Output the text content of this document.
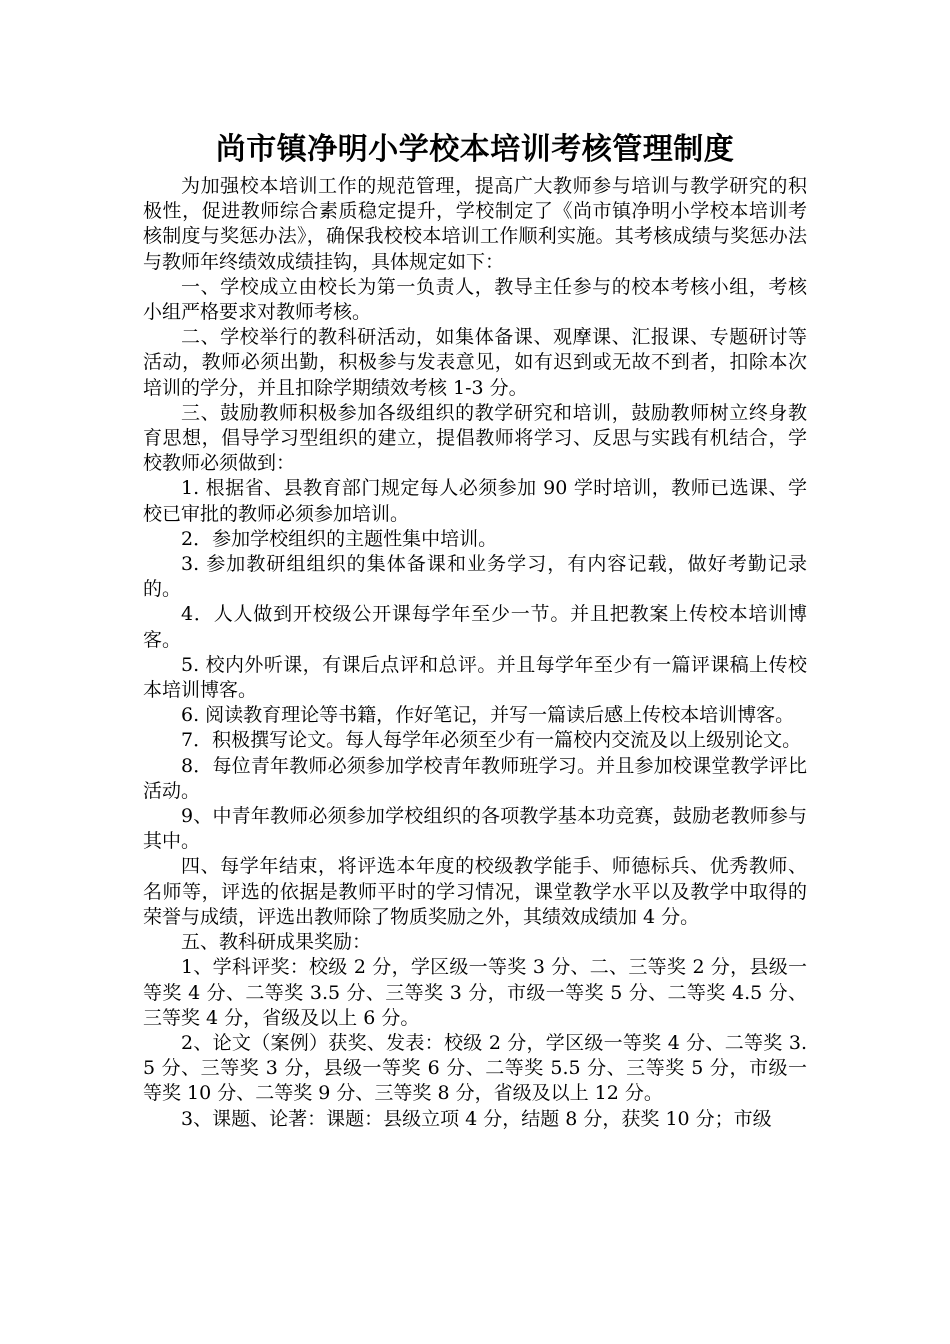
尚市镇净明小学校本培训考核管理制度

为加强校本培训工作的规范管理，提高广大教师参与培训与教学研究的积极性，促进教师综合素质稳定提升，学校制定了《尚市镇净明小学校本培训考核制度与奖惩办法》，确保我校校本培训工作顺利实施。其考核成绩与奖惩办法与教师年终绩效成绩挂钩，具体规定如下：

一、学校成立由校长为第一负责人，教导主任参与的校本考核小组，考核小组严格要求对教师考核。

二、学校举行的教科研活动，如集体备课、观摩课、汇报课、专题研讨等活动，教师必须出勤，积极参与发表意见，如有迟到或无故不到者，扣除本次培训的学分，并且扣除学期绩效考核 1-3 分。

三、鼓励教师积极参加各级组织的教学研究和培训，鼓励教师树立终身教育思想，倡导学习型组织的建立，提倡教师将学习、反思与实践有机结合，学校教师必须做到：

1. 根据省、县教育部门规定每人必须参加 90 学时培训，教师已选课、学校已审批的教师必须参加培训。

2．参加学校组织的主题性集中培训。

3. 参加教研组组织的集体备课和业务学习，有内容记载，做好考勤记录的。

4．人人做到开校级公开课每学年至少一节。并且把教案上传校本培训博客。

5. 校内外听课，有课后点评和总评。并且每学年至少有一篇评课稿上传校本培训博客。

6. 阅读教育理论等书籍，作好笔记，并写一篇读后感上传校本培训博客。

7．积极撰写论文。每人每学年必须至少有一篇校内交流及以上级别论文。

8．每位青年教师必须参加学校青年教师班学习。并且参加校课堂教学评比活动。

9、中青年教师必须参加学校组织的各项教学基本功竞赛，鼓励老教师参与其中。

四、每学年结束，将评选本年度的校级教学能手、师德标兵、优秀教师、名师等，评选的依据是教师平时的学习情况，课堂教学水平以及教学中取得的荣誉与成绩，评选出教师除了物质奖励之外，其绩效成绩加 4 分。

五、教科研成果奖励：

1、学科评奖：校级 2 分，学区级一等奖 3 分、二、三等奖 2 分，县级一等奖 4 分、二等奖 3.5 分、三等奖 3 分，市级一等奖 5 分、二等奖 4.5 分、三等奖 4 分，省级及以上 6 分。

2、论文（案例）获奖、发表：校级 2 分，学区级一等奖 4 分、二等奖 3.5 分、三等奖 3 分，县级一等奖 6 分、二等奖 5.5 分、三等奖 5 分，市级一等奖 10 分、二等奖 9 分、三等奖 8 分，省级及以上 12 分。

3、课题、论著：课题：县级立项 4 分，结题 8 分，获奖 10 分；市级
